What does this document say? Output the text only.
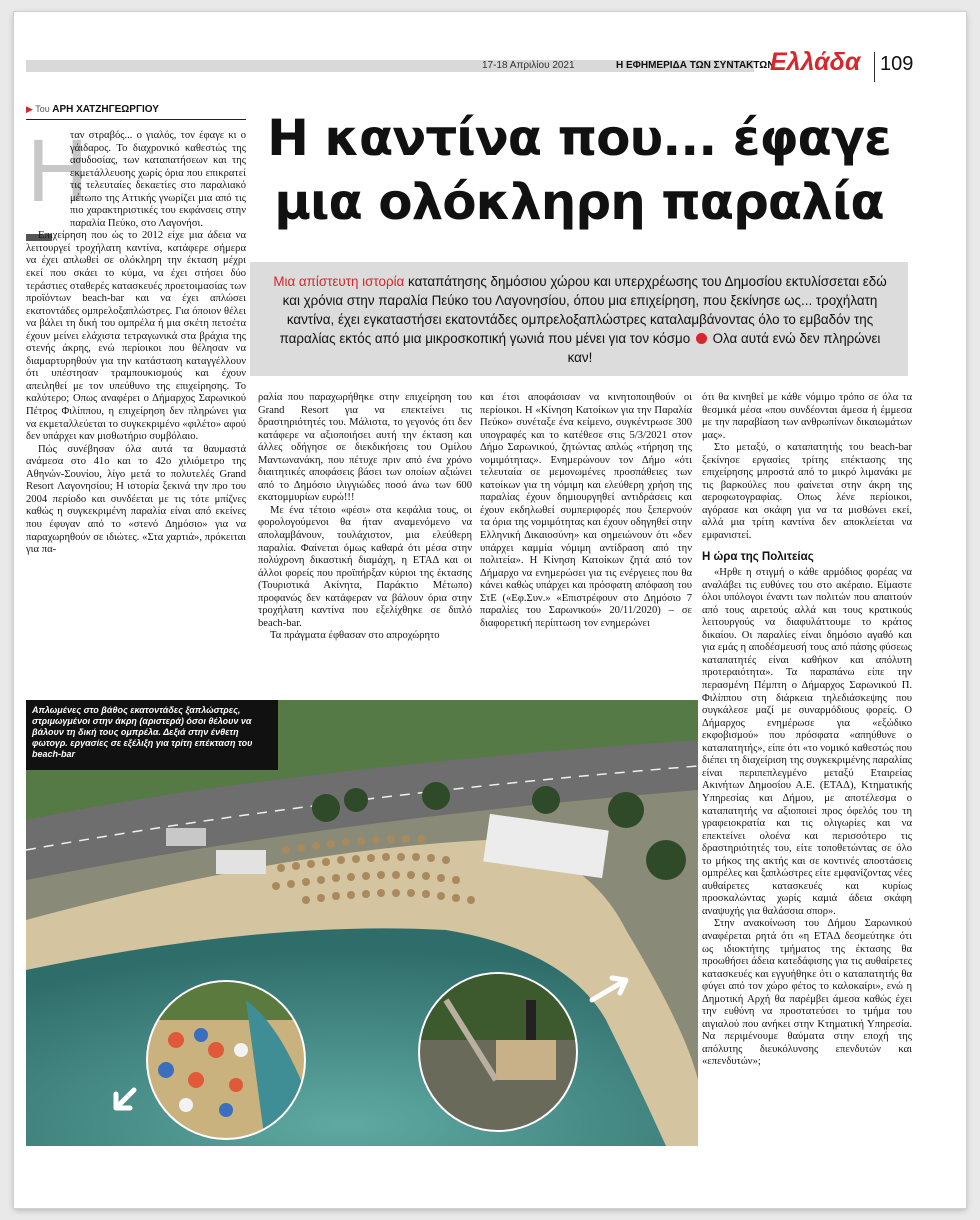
17-18 Απριλίου 2021	Η ΕΦΗΜΕΡΙΔΑ ΤΩΝ ΣΥΝΤΑΚΤΩΝ
Ελλάδα 109
▶ Του ΑΡΗ ΧΑΤΖΗΓΕΩΡΓΙΟΥ	Η καντίνα που... έφαγε
μια ολόκληρη παραλία
Μια απίστευτη ιστορία καταπάτησης δημόσιου χώρου και υπερχρέωσης του Δημοσίου εκτυλίσσεται εδώ και χρόνια στην παραλία Πεύκο του Λαγονησίου, όπου μια επιχείρηση, που ξεκίνησε ως... τροχήλατη καντίνα, έχει εγκαταστήσει εκατοντάδες ομπρελοξαπλώστρες καταλαμβάνοντας όλο το εμβαδόν της παραλίας εκτός από μια μικροσκοπική γωνιά που μένει για τον κόσμο Ολα αυτά ενώ δεν πληρώνει καν!
Η

ταν στραβός... ο γιαλός, τον έφαγε κι ο γάιδαρος. Το διαχρονικό καθεστώς της ασυδοσίας, των καταπατήσεων και της εκμετάλλευσης χωρίς όρια που επικρατεί τις τελευταίες δεκαετίες στο παραλιακό μέτωπο της Αττικής γνωρίζει μια από τις πιο χαρακτηριστικές του εκφάνσεις στην παραλία Πεύκο, στο Λαγονήσι.

Επιχείρηση που ώς το 2012 είχε μια άδεια να λειτουργεί τροχήλατη καντίνα, κατάφερε σήμερα να έχει απλωθεί σε ολόκληρη την έκταση μέχρι εκεί που σκάει το κύμα, να έχει στήσει δύο τεράστιες σταθερές κατασκευές προετοιμασίας των προϊόντων beach-bar και να έχει απλώσει εκατοντάδες ομπρελοξαπλώστρες. Για όποιον θέλει να βάλει τη δική του ομπρέλα ή μια σκέτη πετσέτα έχουν μείνει ελάχιστα τετραγωνικά στα βράχια της στενής άκρης, ενώ περίοικοι που θέλησαν να διαμαρτυρηθούν για την κατάσταση καταγγέλλουν ότι υπέστησαν τραμπουκισμούς και έχουν απειληθεί με τον υπεύθυνο της επιχείρησης. Το καλύτερο; Οπως αναφέρει ο Δήμαρχος Σαρωνικού Πέτρος Φιλίππου, η επιχείρηση δεν πληρώνει για να εκμεταλλεύεται το συγκεκριμένο «φιλέτο» αφού δεν υπάρχει καν μισθωτήριο συμβόλαιο.

Πώς συνέβησαν όλα αυτά τα θαυμαστά ανάμεσα στο 41ο και το 42ο χιλιόμετρο της Αθηνών-Σουνίου, λίγο μετά το πολυτελές Grand Resort Λαγονησίου; Η ιστορία ξεκινά την προ του 2004 περίοδο και συνδέεται με τις τότε μπίζνες καθώς η συγκεκριμένη παραλία είναι από εκείνες που έφυγαν από το «στενό Δημόσιο» για να παραχωρηθούν σε ιδιώτες. «Στα χαρτιά», πρόκειται για πα-

ραλία που παραχωρήθηκε στην επιχείρηση του Grand Resort για να επεκτείνει τις δραστηριότητές του. Μάλιστα, το γεγονός ότι δεν κατάφερε να αξιοποιήσει αυτή την έκταση και άλλες οδήγησε σε διεκδικήσεις του Ομίλου Μαντωνανάκη, που πέτυχε πριν από ένα χρόνο διαιτητικές αποφάσεις βάσει των οποίων αξιώνει από το Δημόσιο ιλιγγιώδες ποσό άνω των 600 εκατομμυρίων ευρώ!!!

Με ένα τέτοιο «φέσι» στα κεφάλια τους, οι φορολογούμενοι θα ήταν αναμενόμενο να απολαμβάνουν, τουλάχιστον, μια ελεύθερη παραλία. Φαίνεται όμως καθαρά ότι μέσα στην πολύχρονη δικαστική διαμάχη, η ΕΤΑΔ και οι άλλοι φορείς που προϊπήρξαν κύριοι της έκτασης (Τουριστικά Ακίνητα, Παράκτιο Μέτωπο) προφανώς δεν κατάφεραν να βάλουν όρια στην τροχήλατη καντίνα που εξελίχθηκε σε διπλό beach-bar.

Τα πράγματα έφθασαν στο απροχώρητο

και έτσι αποφάσισαν να κινητοποιηθούν οι περίοικοι. Η «Κίνηση Κατοίκων για την Παραλία Πεύκο» συνέταξε ένα κείμενο, συγκέντρωσε 300 υπογραφές και το κατέθεσε στις 5/3/2021 στον Δήμο Σαρωνικού, ζητώντας απλώς «τήρηση της νομιμότητας». Ενημερώνουν τον Δήμο «ότι τελευταία σε μεμονωμένες προσπάθειες των κατοίκων για τη νόμιμη και ελεύθερη χρήση της παραλίας έχουν δημιουργηθεί αντιδράσεις και έχουν εκδηλωθεί συμπεριφορές που ξεπερνούν τα όρια της νομιμότητας και έχουν οδηγηθεί στην Ελληνική Δικαιοσύνη» και σημειώνουν ότι «δεν υπάρχει καμμία νόμιμη αντίδραση από την πολιτεία». Η Κίνηση Κατοίκων ζητά από τον Δήμαρχο να ενημερώσει για τις ενέργειες που θα κάνει καθώς υπάρχει και πρόσφατη απόφαση του ΣτΕ («Εφ.Συν.» «Επιστρέφουν στο Δημόσιο 7 παραλίες του Σαρωνικού» 20/11/2020) – σε διαφορετική περίπτωση τον ενημερώνει

ότι θα κινηθεί με κάθε νόμιμο τρόπο σε όλα τα θεσμικά μέσα «που συνδέονται άμεσα ή έμμεσα με την παραβίαση των ανθρωπίνων δικαιωμάτων μας».

Στο μεταξύ, ο καταπατητής του beach-bar ξεκίνησε εργασίες τρίτης επέκτασης της επιχείρησης μπροστά από το μικρό λιμανάκι με τις βαρκούλες που φαίνεται στην άκρη της αεροφωτογραφίας. Οπως λένε περίοικοι, αγόρασε και σκάφη για να τα μισθώνει εκεί, αλλά μια τρίτη καντίνα δεν αποκλείεται να εμφανιστεί.

Η ώρα της Πολιτείας

«Ηρθε η στιγμή ο κάθε αρμόδιος φορέας να αναλάβει τις ευθύνες του στο ακέραιο. Είμαστε όλοι υπόλογοι έναντι των πολιτών που απαιτούν από τους αιρετούς αλλά και τους κρατικούς λειτουργούς να διαφυλάττουμε το κράτος δικαίου. Οι παραλίες είναι δημόσιο αγαθό και για εμάς η αποδέσμευσή τους από πάσης φύσεως καταπατητές είναι καθήκον και απόλυτη προτεραιότητα». Τα παραπάνω είπε την περασμένη Πέμπτη ο Δήμαρχος Σαρωνικού Π. Φιλίππου στη διάρκεια τηλεδιάσκεψης που συγκάλεσε μαζί με συναρμόδιους φορείς. Ο Δήμαρχος ενημέρωσε για «εξώδικο εκφοβισμού» που πρόσφατα «απηύθυνε ο καταπατητής», είπε ότι «το νομικό καθεστώς που διέπει τη διαχείριση της συγκεκριμένης παραλίας είναι περιπεπλεγμένο μεταξύ Εταιρείας Ακινήτων Δημοσίου Α.Ε. (ΕΤΑΔ), Κτηματικής Υπηρεσίας και Δήμου, με αποτέλεσμα ο καταπατητής να αξιοποιεί προς όφελός του τη γραφειοκρατία και τις ολιγωρίες και να επεκτείνει ολοένα και περισσότερο τις δραστηριότητές του, είτε τοποθετώντας σε όλο το μήκος της ακτής και σε κοντινές αποστάσεις ομπρέλες και ξαπλώστρες είτε εμφανίζοντας νέες αυθαίρετες κατασκευές και κυρίως προσκαλώντας χωρίς καμιά άδεια σκάφη αναψυχής για θαλάσσια σπορ».

Στην ανακοίνωση του Δήμου Σαρωνικού αναφέρεται ρητά ότι «η ΕΤΑΔ δεσμεύτηκε ότι ως ιδιοκτήτης τμήματος της έκτασης θα προωθήσει άδεια κατεδάφισης για τις αυθαίρετες κατασκευές και εγγυήθηκε ότι ο καταπατητής θα φύγει από τον χώρο φέτος το καλοκαίρι», ενώ η Δημοτική Αρχή θα παρέμβει άμεσα καθώς έχει την ευθύνη να προστατεύσει το τμήμα του αιγιαλού που ανήκει στην Κτηματική Υπηρεσία. Να περιμένουμε θαύματα στην εποχή της απόλυτης διευκόλυνσης επενδυτών και «επενδυτών»;

Απλωμένες στο βάθος εκατοντάδες ξαπλώστρες, στριμωγμένοι στην άκρη (αριστερά) όσοι θέλουν να βάλουν τη δική τους ομπρέλα. Δεξιά στην ένθετη φωτογρ. εργασίες σε εξέλιξη για τρίτη επέκταση του beach-bar
